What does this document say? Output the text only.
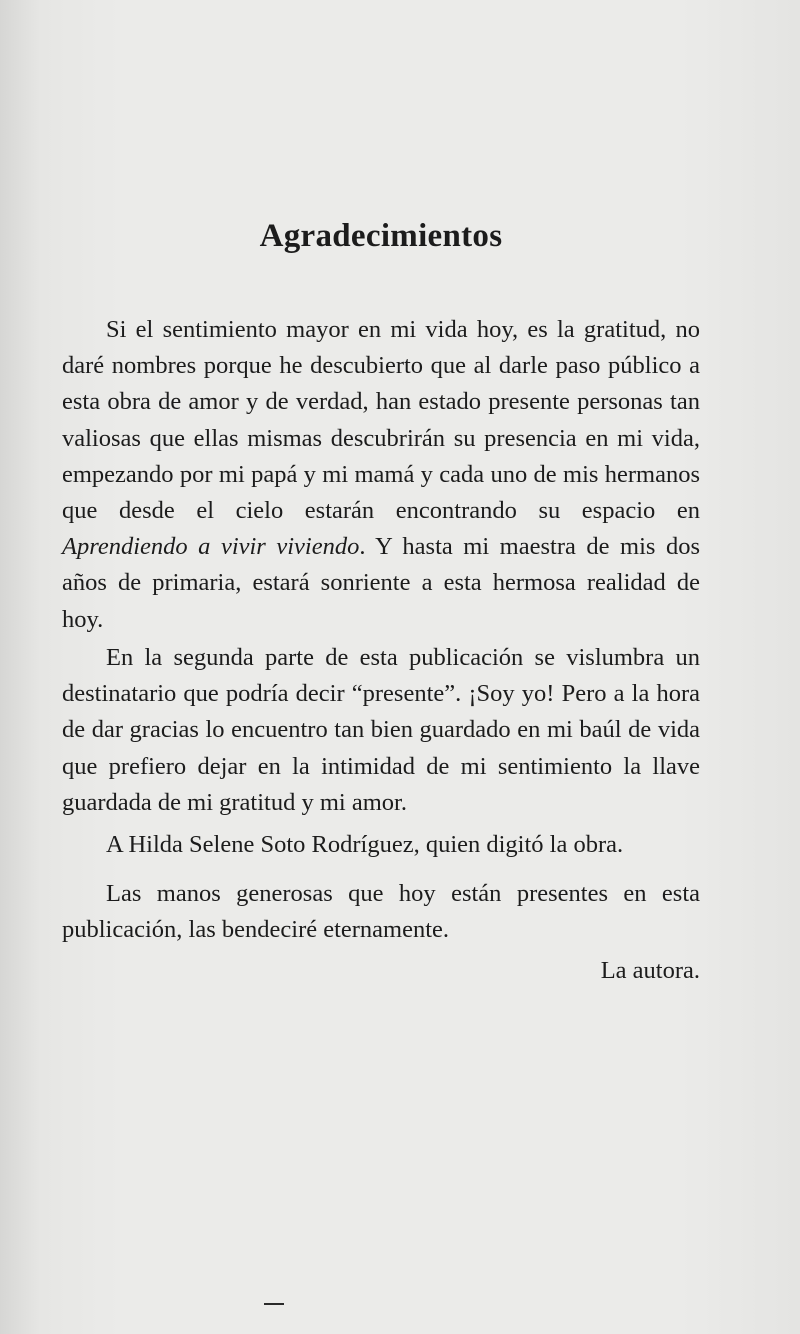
Agradecimientos

Si el sentimiento mayor en mi vida hoy, es la gratitud, no daré nombres porque he descubierto que al darle paso público a esta obra de amor y de verdad, han estado presente personas tan valiosas que ellas mismas descubrirán su presencia en mi vida, empezando por mi papá y mi mamá y cada uno de mis hermanos que desde el cielo estarán encontrando su espacio en Aprendiendo a vivir viviendo. Y hasta mi maestra de mis dos años de primaria, estará sonriente a esta hermosa realidad de hoy.

En la segunda parte de esta publicación se vislumbra un destinatario que podría decir “presente”. ¡Soy yo! Pero a la hora de dar gracias lo encuentro tan bien guardado en mi baúl de vida que prefiero dejar en la intimidad de mi sentimiento la llave guardada de mi gratitud y mi amor.

A Hilda Selene Soto Rodríguez, quien digitó la obra.

Las manos generosas que hoy están presentes en esta publicación, las bendeciré eternamente.

La autora.
